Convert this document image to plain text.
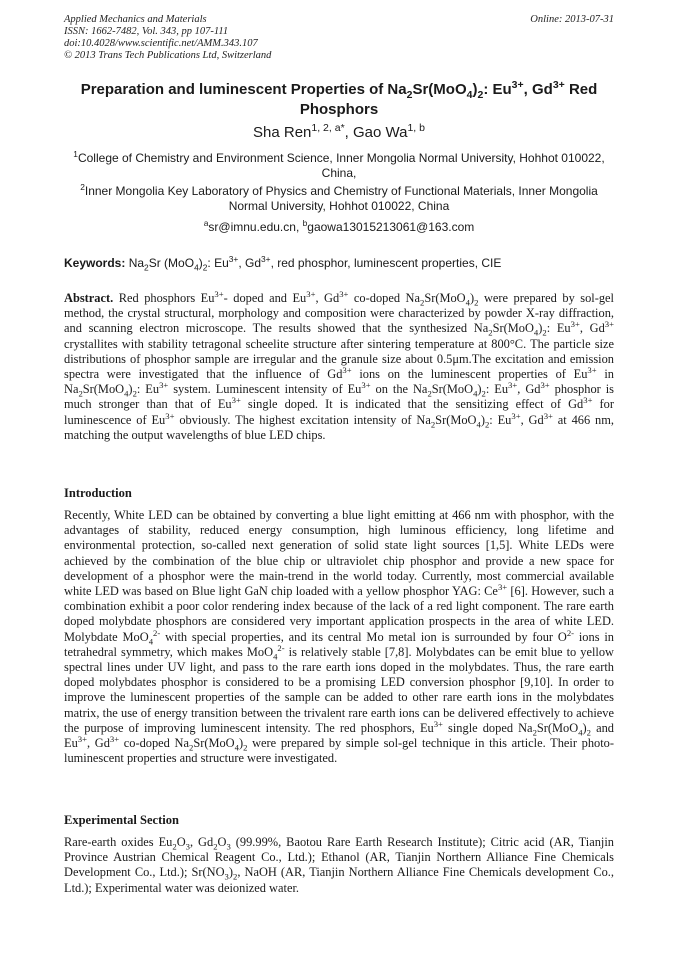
Applied Mechanics and Materials
ISSN: 1662-7482, Vol. 343, pp 107-111
doi:10.4028/www.scientific.net/AMM.343.107
© 2013 Trans Tech Publications Ltd, Switzerland
Online: 2013-07-31
Preparation and luminescent Properties of $Na_2Sr(MoO_4)_2$: $Eu^{3+}$, $Gd^{3+}$ Red Phosphors
Sha Ren$^{1, 2, a*}$, Gao Wa$^{1, b}$
$^1$College of Chemistry and Environment Science, Inner Mongolia Normal University, Hohhot 010022, China,
$^2$Inner Mongolia Key Laboratory of Physics and Chemistry of Functional Materials, Inner Mongolia Normal University, Hohhot 010022, China
$^a$sr@imnu.edu.cn, $^b$gaowa13015213061@163.com
Keywords: $Na_2Sr$ $(MoO_4)_2$: $Eu^{3+}$, $Gd^{3+}$, red phosphor, luminescent properties, CIE
Abstract. Red phosphors $Eu^{3+}-$ doped and $Eu^{3+}$, $Gd^{3+}$ co-doped $Na_2Sr(MoO_4)_2$ were prepared by sol-gel method, the crystal structural, morphology and composition were characterized by powder X-ray diffraction, and scanning electron microscope. The results showed that the synthesized $Na_2Sr(MoO_4)_2$: $Eu^{3+}$, $Gd^{3+}$ crystallites with stability tetragonal scheelite structure after sintering temperature at 800°C. The particle size distributions of phosphor sample are irregular and the granule size about 0.5μm.The excitation and emission spectra were investigated that the influence of $Gd^{3+}$ ions on the luminescent properties of $Eu^{3+}$ in $Na_2Sr(MoO_4)_2$: $Eu^{3+}$ system. Luminescent intensity of $Eu^{3+}$ on the $Na_2Sr(MoO_4)_2$: $Eu^{3+}$, $Gd^{3+}$ phosphor is much stronger than that of $Eu^{3+}$ single doped. It is indicated that the sensitizing effect of $Gd^{3+}$ for luminescence of $Eu^{3+}$ obviously. The highest excitation intensity of $Na_2Sr(MoO_4)_2$: $Eu^{3+}$, $Gd^{3+}$ at 466 nm, matching the output wavelengths of blue LED chips.
Introduction
Recently, White LED can be obtained by converting a blue light emitting at 466 nm with phosphor, with the advantages of stability, reduced energy consumption, high luminous efficiency, long lifetime and environmental protection, so-called next generation of solid state light sources [1,5]. White LEDs were achieved by the combination of the blue chip or ultraviolet chip phosphor and provide a new space for development of a phosphor were the main-trend in the world today. Currently, most commercial available white LED was based on Blue light GaN chip loaded with a yellow phosphor YAG: $Ce^{3+}$ [6]. However, such a combination exhibit a poor color rendering index because of the lack of a red light component. The rare earth doped molybdate phosphors are considered very important application prospects in the area of white LED. Molybdate MoO$_4^{2-}$ with special properties, and its central Mo metal ion is surrounded by four $O^{2-}$ ions in tetrahedral symmetry, which makes MoO$_4^{2-}$ is relatively stable [7,8]. Molybdates can be emit blue to yellow spectral lines under UV light, and pass to the rare earth ions doped in the molybdates. Thus, the rare earth doped molybdates phosphor is considered to be a promising LED conversion phosphor [9,10]. In order to improve the luminescent properties of the sample can be added to other rare earth ions in the molybdates matrix, the use of energy transition between the trivalent rare earth ions can be delivered effectively to achieve the purpose of improving luminescent intensity. The red phosphors, $Eu^{3+}$ single doped $Na_2Sr(MoO_4)_2$ and $Eu^{3+}$, $Gd^{3+}$ co-doped $Na_2Sr(MoO_4)_2$ were prepared by simple sol-gel technique in this article. Their photo-luminescent properties and structure were investigated.
Experimental Section
Rare-earth oxides $Eu_2O_3$, $Gd_2O_3$ (99.99%, Baotou Rare Earth Research Institute); Citric acid (AR, Tianjin Province Austrian Chemical Reagent Co., Ltd.); Ethanol (AR, Tianjin Northern Alliance Fine Chemicals Development Co., Ltd.); $Sr(NO_3)_2$, NaOH (AR, Tianjin Northern Alliance Fine Chemicals development Co., Ltd.); Experimental water was deionized water.
